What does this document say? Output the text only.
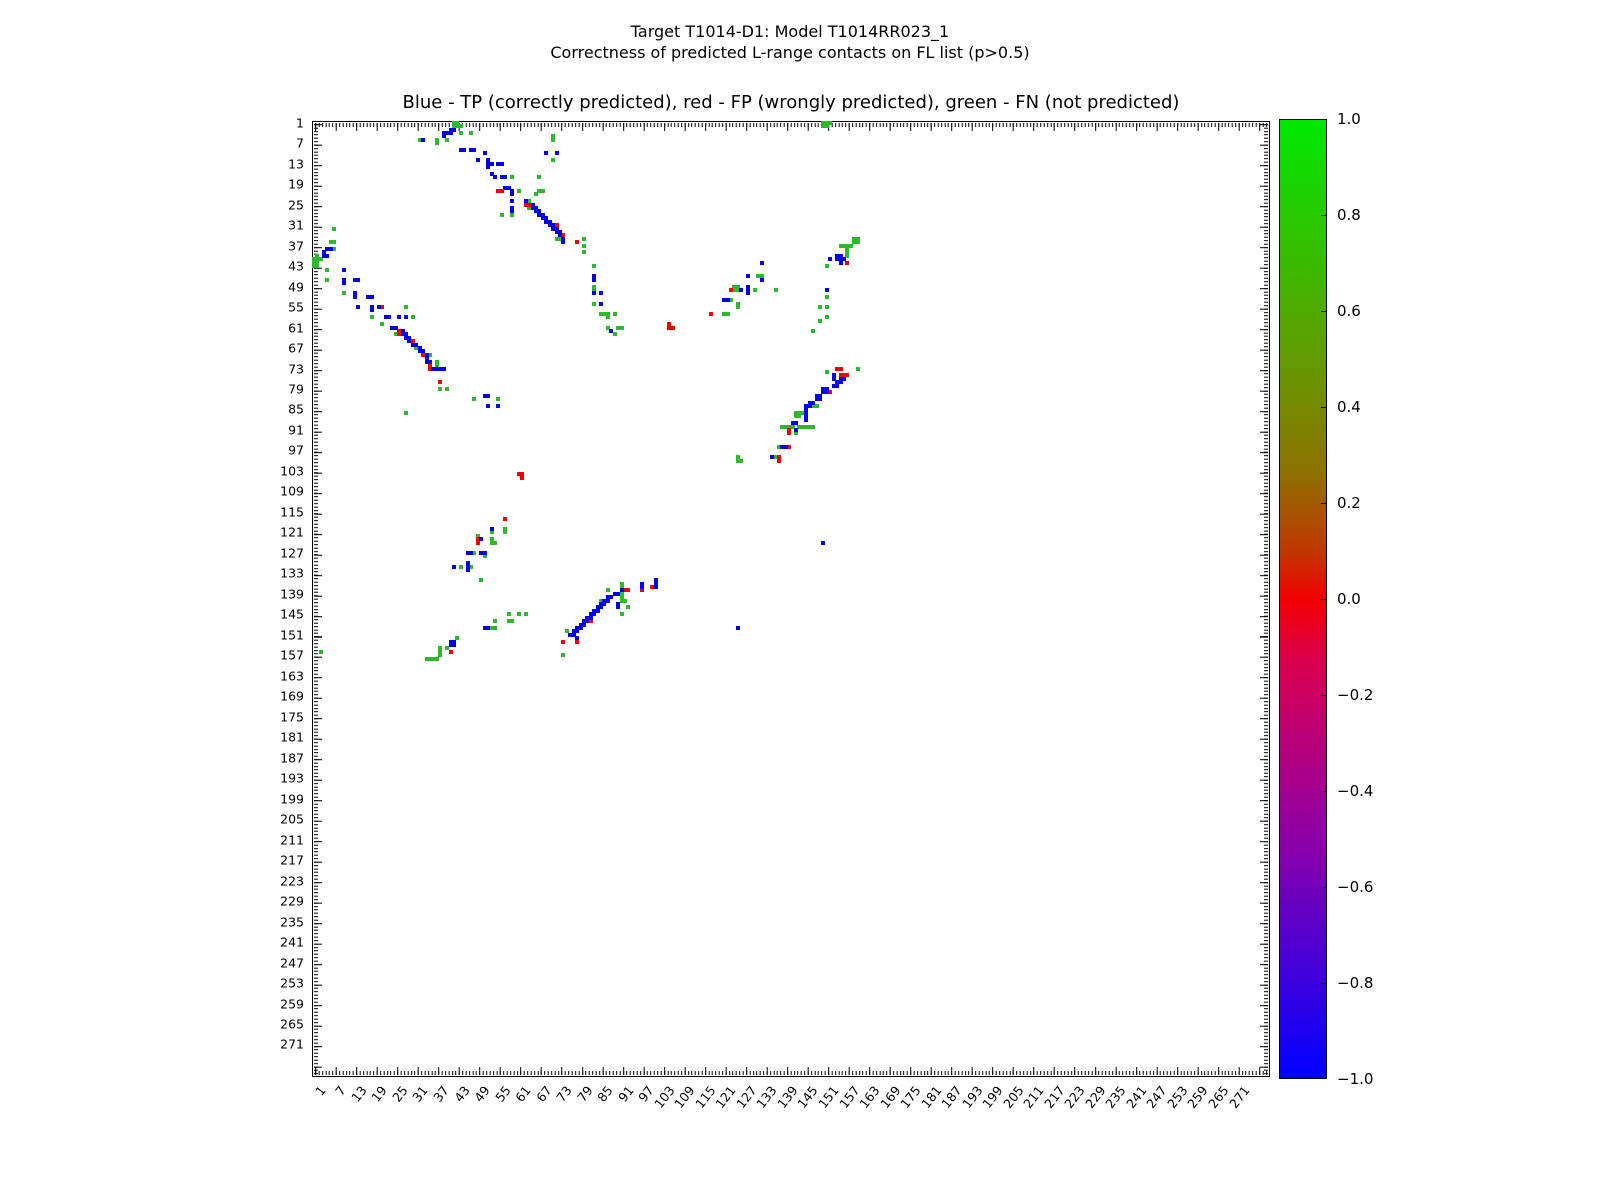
Target T1014-D1: Model T1014RR023_1
Correctness of predicted L-range contacts on FL list (p>0.5)
Blue - TP (correctly predicted), red - FP (wrongly predicted), green - FN (not predicted)
1
7
13
19
25
31
37
43
49
55
61
67
73
79
85
91
97
103
109
115
121
127
133
139
145
151
157
163
169
175
181
187
193
199
205
211
217
223
229
235
241
247
253
259
265
271
1 7
13
19
25
31
37
43
49
55
61
67
73
79
85
91
97
103
109
115
121
127
133
139
145
151
157
163
169
175
181
187
193
199
205
211
217
223
229
235
241
247
253
259
265
271
1.0
0.8
0.6
0.4
0.2
0.0
−0.2
−0.4
−0.6
−0.8
−1.0
